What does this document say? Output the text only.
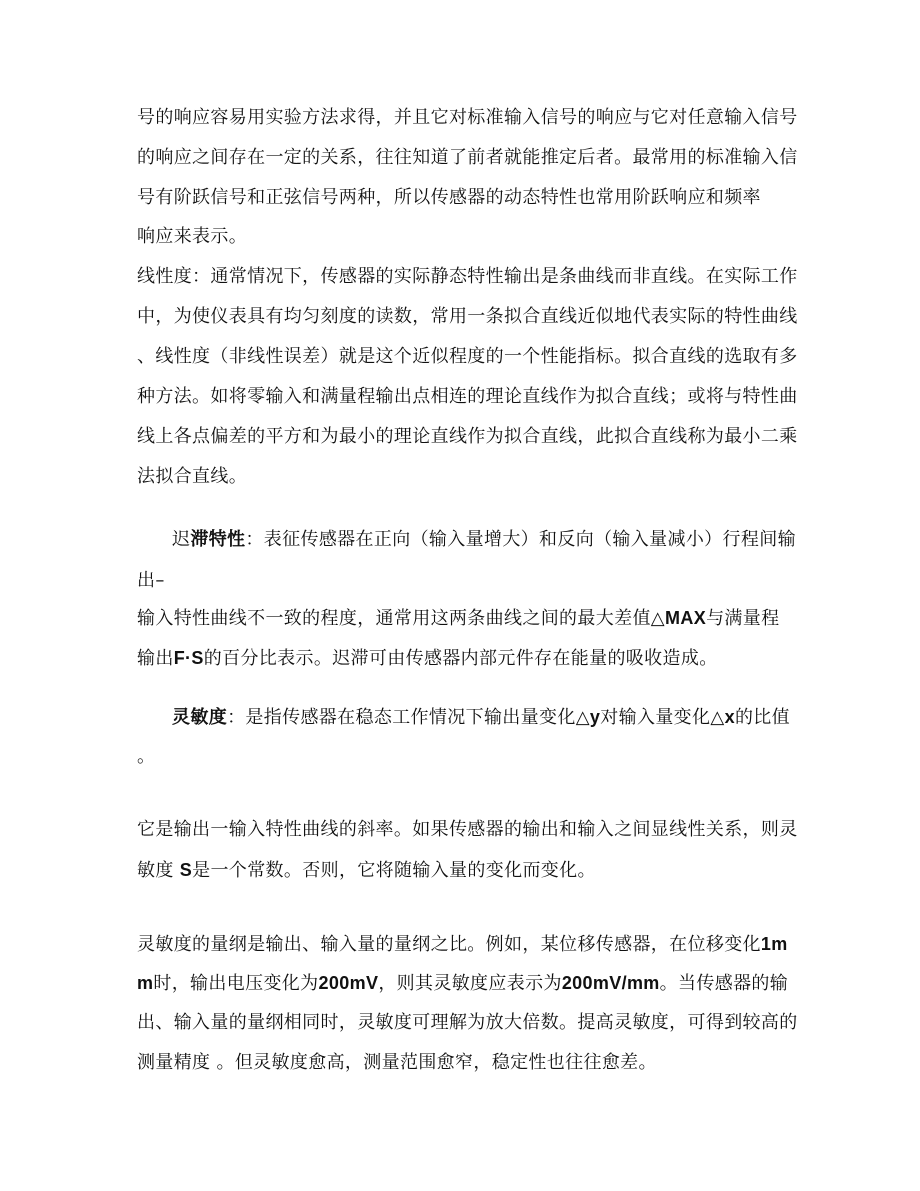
号的响应容易用实验方法求得，并且它对标准输入信号的响应与它对任意输入信号
的响应之间存在一定的关系，往往知道了前者就能推定后者。最常用的标准输入信
号有阶跃信号和正弦信号两种，所以传感器的动态特性也常用阶跃响应和频率
响应来表示。
线性度：通常情况下，传感器的实际静态特性输出是条曲线而非直线。在实际工作
中，为使仪表具有均匀刻度的读数，常用一条拟合直线近似地代表实际的特性曲线
、线性度（非线性误差）就是这个近似程度的一个性能指标。拟合直线的选取有多
种方法。如将零输入和满量程输出点相连的理论直线作为拟合直线；或将与特性曲
线上各点偏差的平方和为最小的理论直线作为拟合直线，此拟合直线称为最小二乘
法拟合直线。
迟滞特性：表征传感器在正向（输入量增大）和反向（输入量减小）行程间输
出–
输入特性曲线不一致的程度，通常用这两条曲线之间的最大差值△MAX与满量程
输出F·S的百分比表示。迟滞可由传感器内部元件存在能量的吸收造成。
灵敏度：是指传感器在稳态工作情况下输出量变化△y对输入量变化△x的比值
。
它是输出一输入特性曲线的斜率。如果传感器的输出和输入之间显线性关系，则灵
敏度 S是一个常数。否则，它将随输入量的变化而变化。
灵敏度的量纲是输出、输入量的量纲之比。例如，某位移传感器，在位移变化1m
m时，输出电压变化为200mV，则其灵敏度应表示为200mV/mm。当传感器的输
出、输入量的量纲相同时，灵敏度可理解为放大倍数。提高灵敏度，可得到较高的
测量精度 。但灵敏度愈高，测量范围愈窄，稳定性也往往愈差。
